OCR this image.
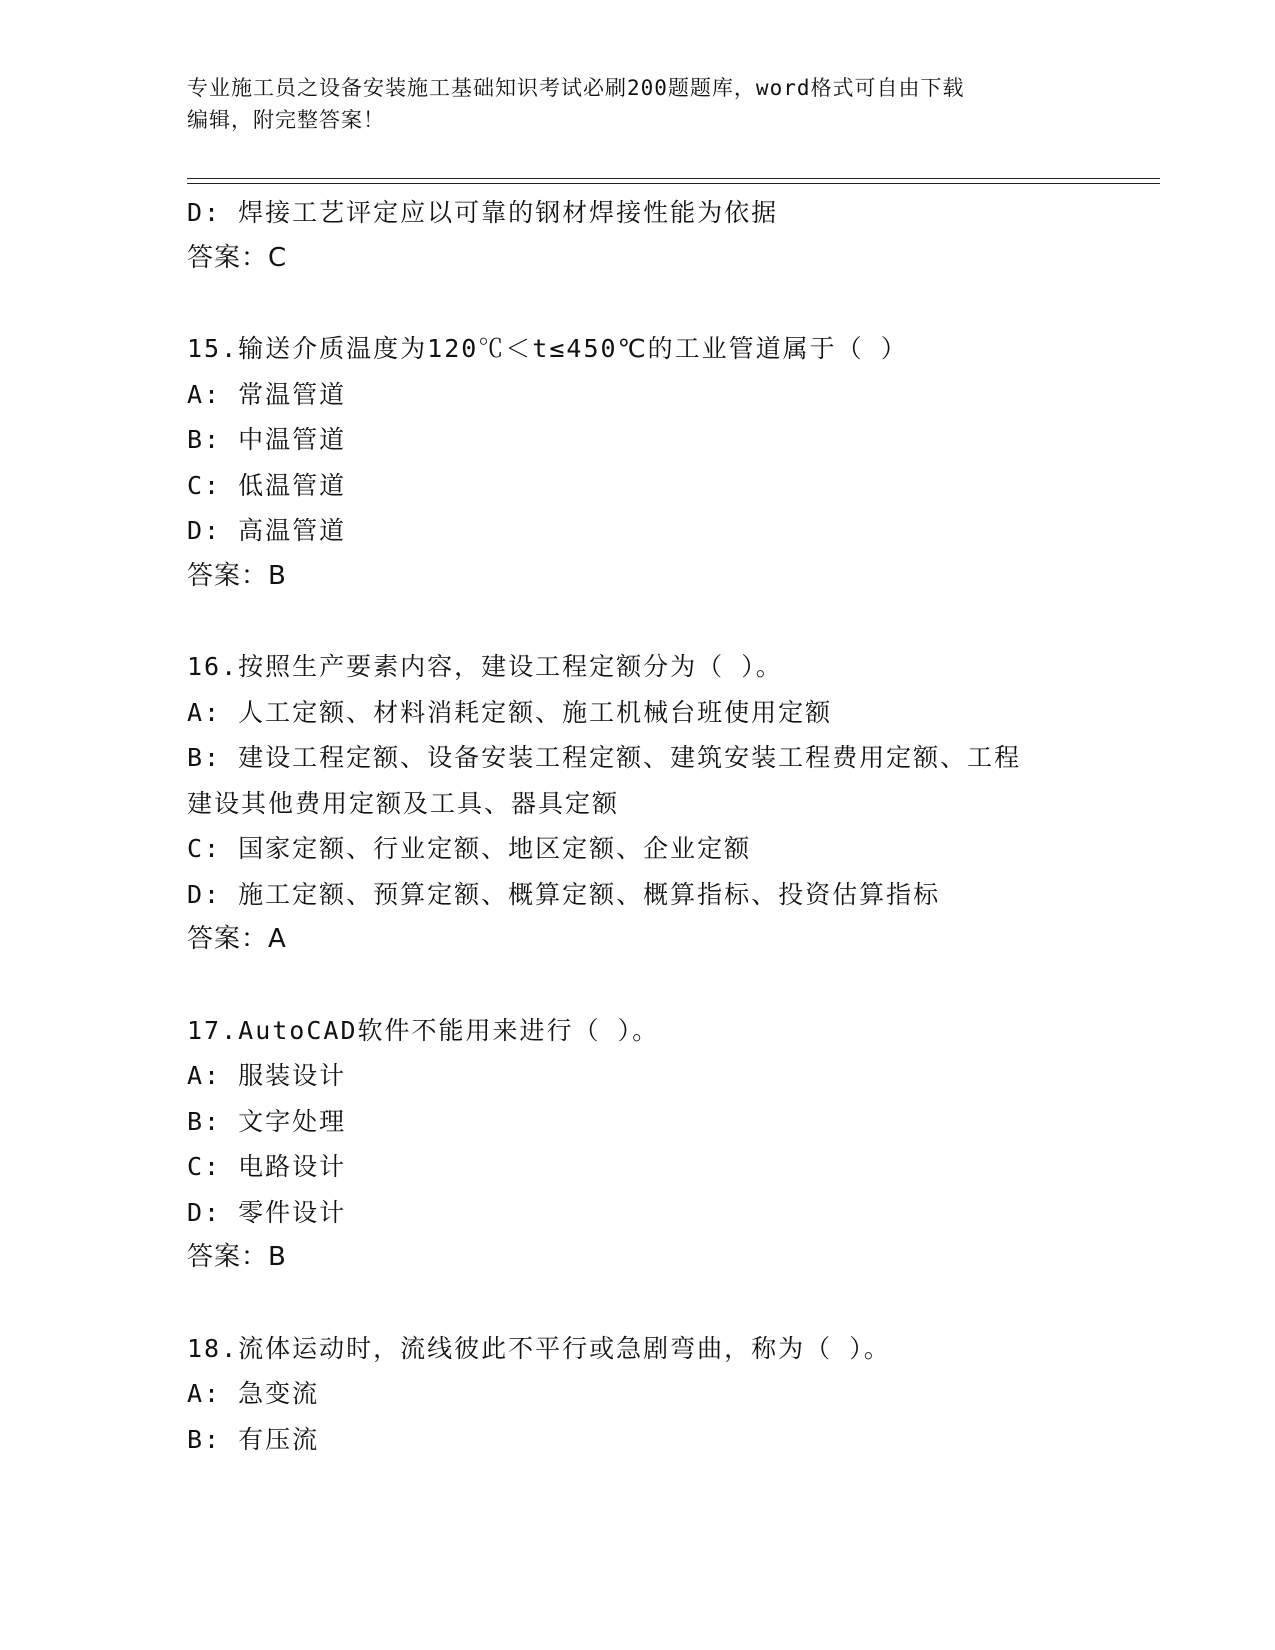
专业施工员之设备安装施工基础知识考试必刷200题题库，word格式可自由下载
编辑，附完整答案！
D: 焊接工艺评定应以可靠的钢材焊接性能为依据
答案：C
15.输送介质温度为120℃＜t≤450℃的工业管道属于（ ）
A: 常温管道
B: 中温管道
C: 低温管道
D: 高温管道
答案：B
16.按照生产要素内容，建设工程定额分为（ ）。
A: 人工定额、材料消耗定额、施工机械台班使用定额
B: 建设工程定额、设备安装工程定额、建筑安装工程费用定额、工程
建设其他费用定额及工具、器具定额
C: 国家定额、行业定额、地区定额、企业定额
D: 施工定额、预算定额、概算定额、概算指标、投资估算指标
答案：A
17.AutoCAD软件不能用来进行（ ）。
A: 服装设计
B: 文字处理
C: 电路设计
D: 零件设计
答案：B
18.流体运动时，流线彼此不平行或急剧弯曲，称为（ ）。
A: 急变流
B: 有压流
